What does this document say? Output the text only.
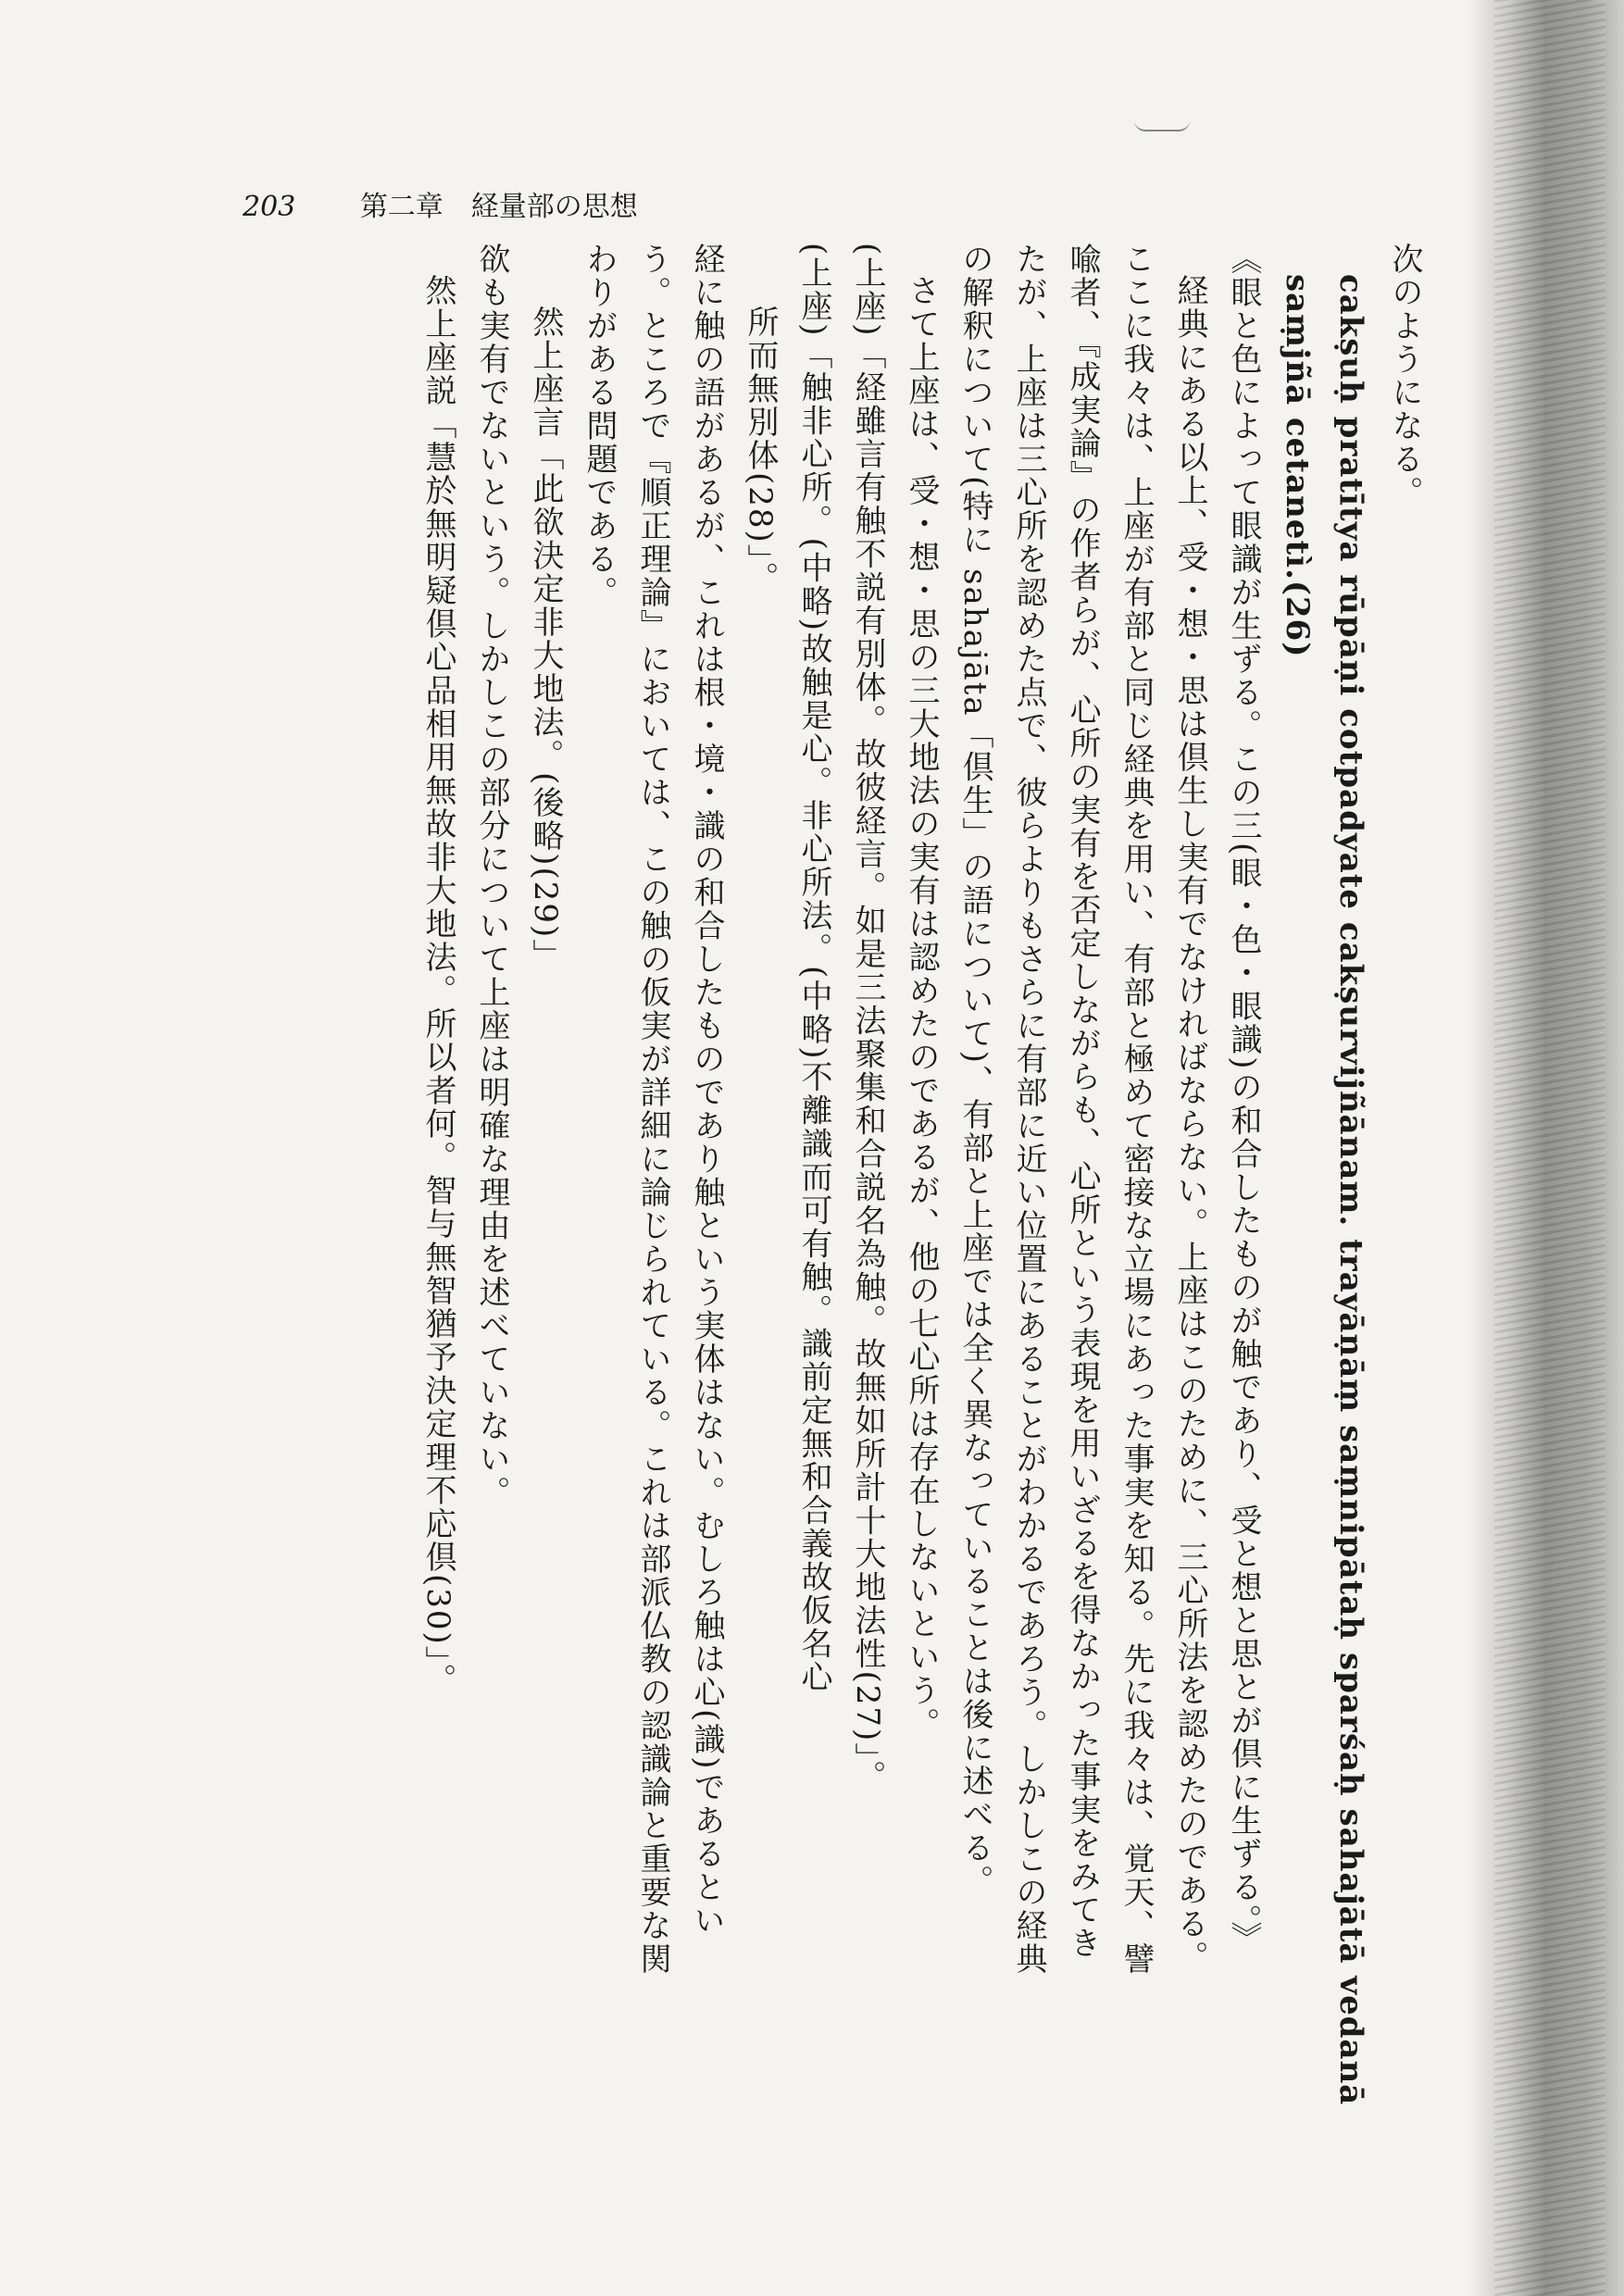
203 第二章　経量部の思想

次のようになる。

cakṣuḥ pratītya rūpāṇi cotpadyate cakṣurvijñānam. trayāṇāṃ saṃnipātaḥ sparśaḥ sahajātā vedanā

saṃjñā cetanetì.(26)

《眼と色によって眼識が生ずる。この三(眼・色・眼識)の和合したものが触であり、受と想と思とが倶に生ずる。》

経典にある以上、受・想・思は倶生し実有でなければならない。上座はこのために、三心所法を認めたのである。

ここに我々は、上座が有部と同じ経典を用い、有部と極めて密接な立場にあった事実を知る。先に我々は、覚天、譬

喩者、『成実論』の作者らが、心所の実有を否定しながらも、心所という表現を用いざるを得なかった事実をみてき

たが、上座は三心所を認めた点で、彼らよりもさらに有部に近い位置にあることがわかるであろう。しかしこの経典

の解釈について(特に sahajāta「倶生」の語について)、有部と上座では全く異なっていることは後に述べる。

さて上座は、受・想・思の三大地法の実有は認めたのであるが、他の七心所は存在しないという。

(上座)「経雖言有触不説有別体。故彼経言。如是三法聚集和合説名為触。故無如所計十大地法性(27)」。

(上座)「触非心所。(中略)故触是心。非心所法。(中略)不離識而可有触。識前定無和合義故仮名心

所而無別体(28)」。

経に触の語があるが、これは根・境・識の和合したものであり触という実体はない。むしろ触は心(識)であるとい

う。ところで『順正理論』においては、この触の仮実が詳細に論じられている。これは部派仏教の認識論と重要な関

わりがある問題である。

然上座言「此欲決定非大地法。(後略)(29)」

欲も実有でないという。しかしこの部分について上座は明確な理由を述べていない。

然上座説「慧於無明疑倶心品相用無故非大地法。所以者何。智与無智猶予決定理不応倶(30)」。
